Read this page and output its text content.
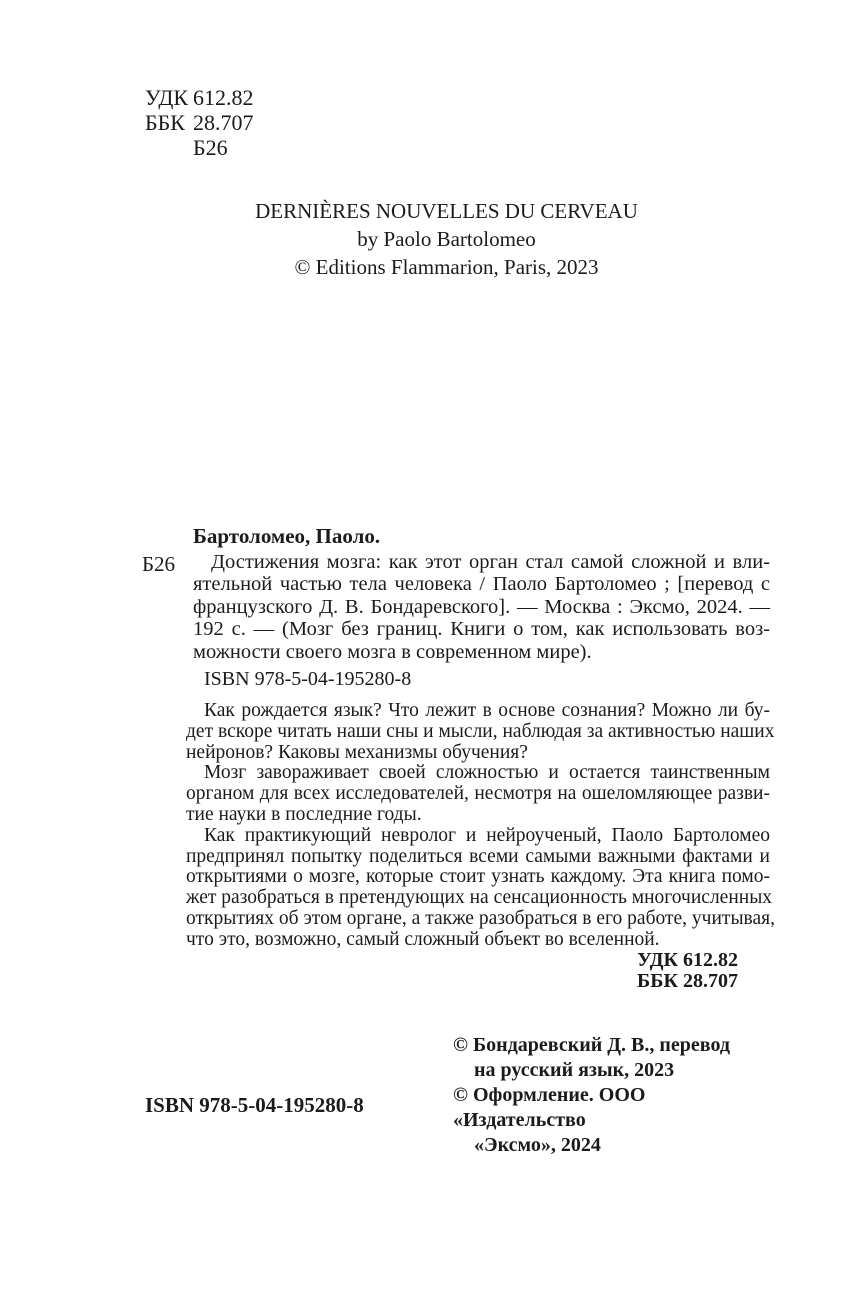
УДК 612.82
ББК 28.707
Б26
DERNIÈRES NOUVELLES DU CERVEAU
by Paolo Bartolomeo
© Editions Flammarion, Paris, 2023
Б26
Бартоломео, Паоло.
Достижения мозга: как этот орган стал самой сложной и вли-
ятельной частью тела человека / Паоло Бартоломео ; [перевод с
французского Д. В. Бондаревского]. — Москва : Эксмо, 2024. —
192 с. — (Мозг без границ. Книги о том, как использовать воз-
можности своего мозга в современном мире).
ISBN 978-5-04-195280-8
Как рождается язык? Что лежит в основе сознания? Можно ли бу-
дет вскоре читать наши сны и мысли, наблюдая за активностью наших
нейронов? Каковы механизмы обучения?
Мозг завораживает своей сложностью и остается таинственным
органом для всех исследователей, несмотря на ошеломляющее разви-
тие науки в последние годы.
Как практикующий невролог и нейроученый, Паоло Бартоломео
предпринял попытку поделиться всеми самыми важными фактами и
открытиями о мозге, которые стоит узнать каждому. Эта книга помо-
жет разобраться в претендующих на сенсационность многочисленных
открытиях об этом органе, а также разобраться в его работе, учитывая,
что это, возможно, самый сложный объект во вселенной.
УДК 612.82
ББК 28.707
© Бондаревский Д. В., перевод
на русский язык, 2023
© Оформление. ООО «Издательство
«Эксмо», 2024
ISBN 978-5-04-195280-8
